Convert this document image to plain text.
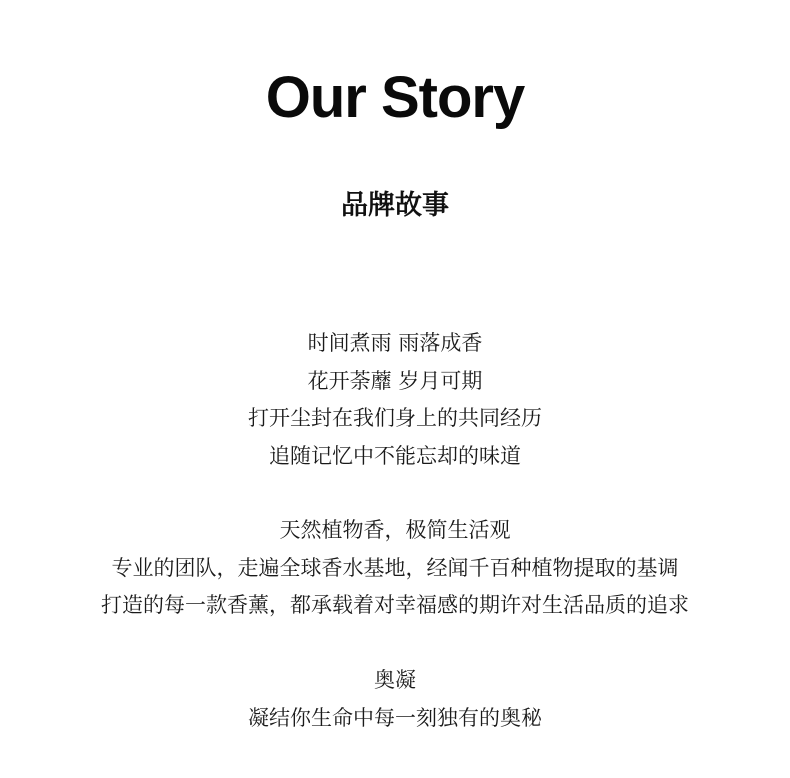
Our Story
品牌故事
时间煮雨 雨落成香
花开荼蘼 岁月可期
打开尘封在我们身上的共同经历
追随记忆中不能忘却的味道
天然植物香，极简生活观
专业的团队，走遍全球香水基地，经闻千百种植物提取的基调
打造的每一款香薰，都承载着对幸福感的期许对生活品质的追求
奥凝
凝结你生命中每一刻独有的奥秘
